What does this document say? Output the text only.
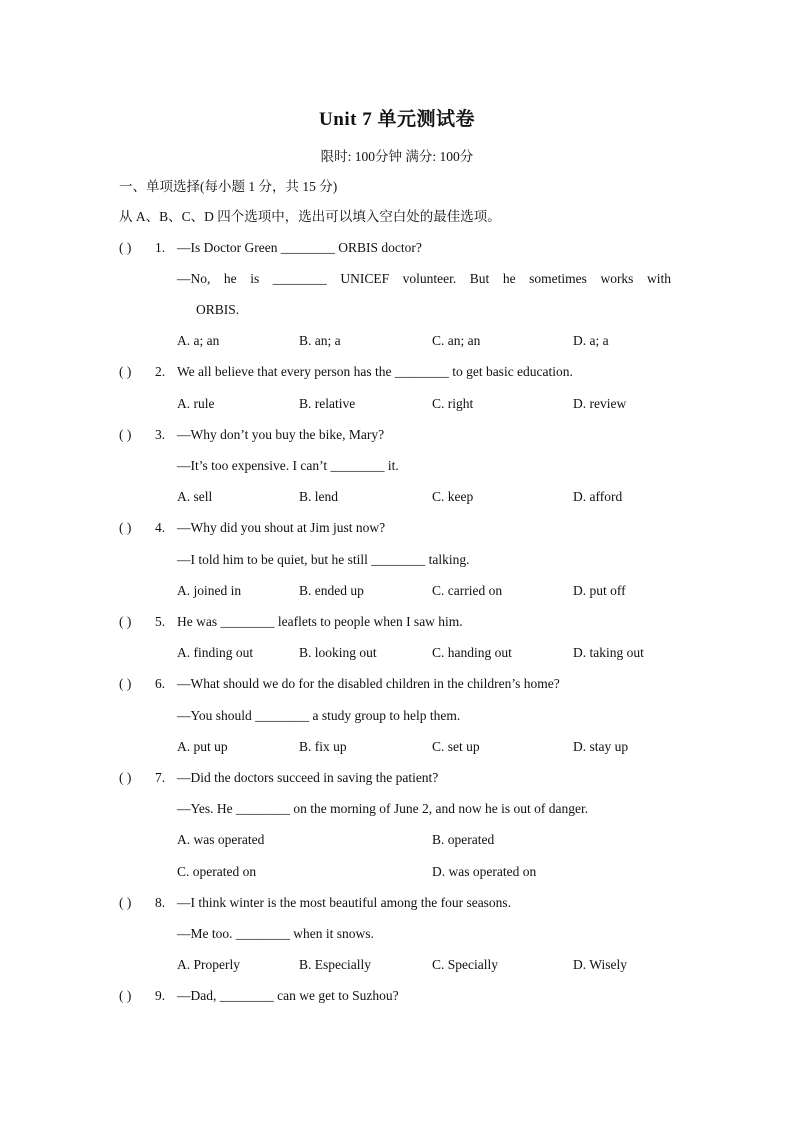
Unit 7 单元测试卷
限时: 100分钟 满分: 100分
一、单项选择(每小题 1 分，共 15 分)
从 A、B、C、D 四个选项中，选出可以填入空白处的最佳选项。
( ) 1. —Is Doctor Green ________ ORBIS doctor?
—No, he is ________ UNICEF volunteer. But he sometimes works with
ORBIS.
A. a; an	B. an; a	C. an; an	D. a; a
( ) 2. We all believe that every person has the ________ to get basic education.
A. rule	B. relative	C. right	D. review
( ) 3. —Why don’t you buy the bike, Mary?
—It’s too expensive. I can’t ________ it.
A. sell	B. lend	C. keep	D. afford
( ) 4. —Why did you shout at Jim just now?
—I told him to be quiet, but he still ________ talking.
A. joined in	B. ended up	C. carried on	D. put off
( ) 5. He was ________ leaflets to people when I saw him.
A. finding out	B. looking out	C. handing out	D. taking out
( ) 6. —What should we do for the disabled children in the children’s home?
—You should ________ a study group to help them.
A. put up	B. fix up	C. set up	D. stay up
( ) 7. —Did the doctors succeed in saving the patient?
—Yes. He ________ on the morning of June 2, and now he is out of danger.
A. was operated	B. operated
C. operated on	D. was operated on
( ) 8. —I think winter is the most beautiful among the four seasons.
—Me too. ________ when it snows.
A. Properly	B. Especially	C. Specially	D. Wisely
( ) 9. —Dad, ________ can we get to Suzhou?
